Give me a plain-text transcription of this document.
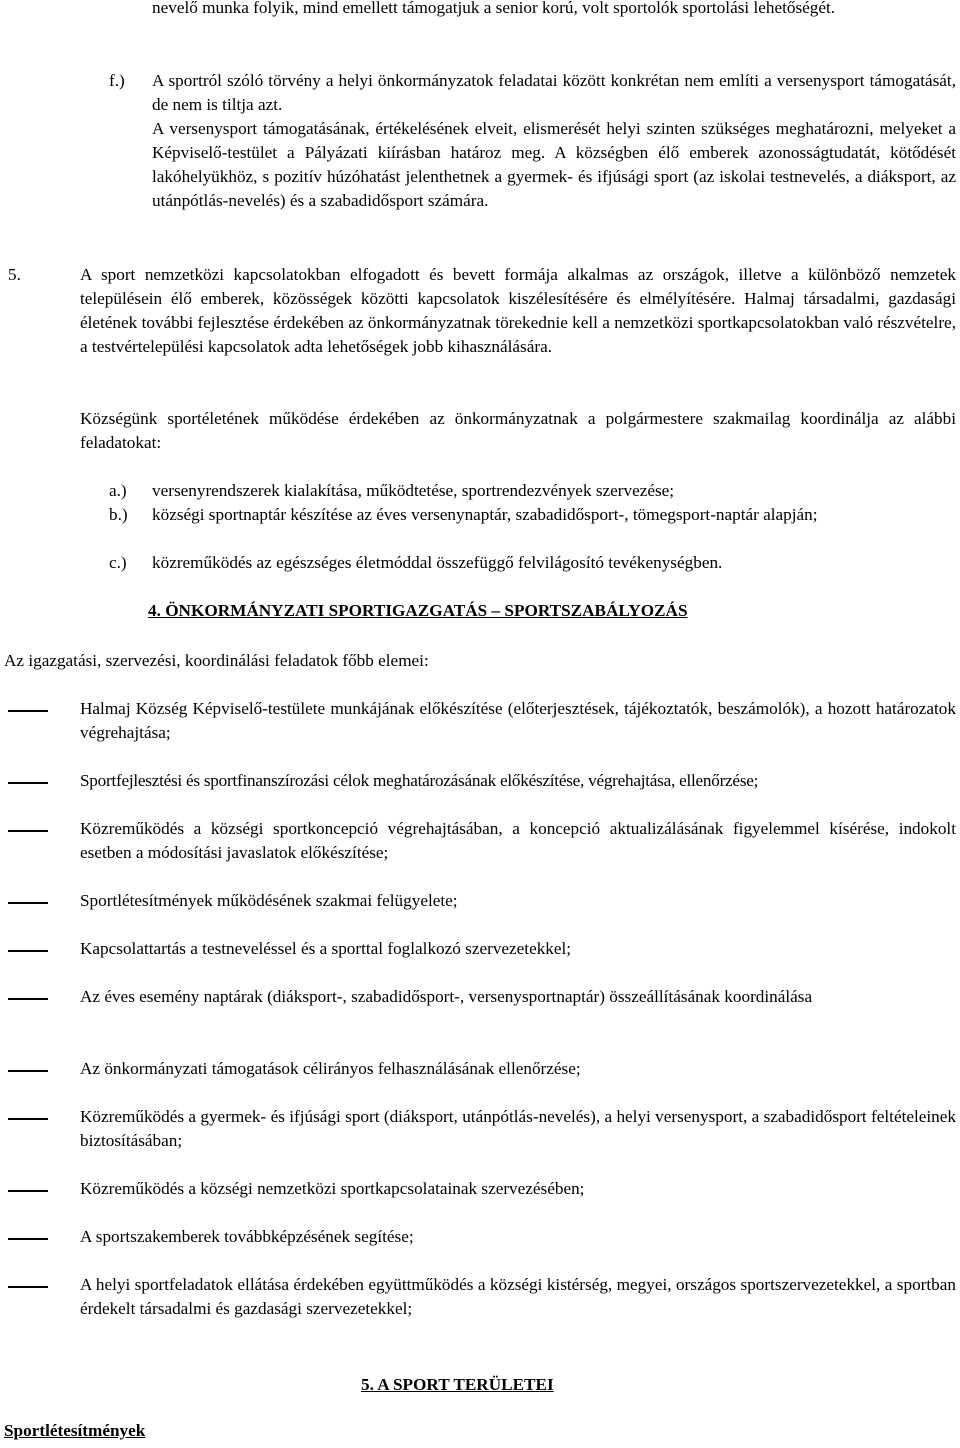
nevelő munka folyik, mind emellett támogatjuk a senior korú, volt sportolók sportolási lehetőségét.

f.) A sportról szóló törvény a helyi önkormányzatok feladatai között konkrétan nem említi a versenysport támogatását, de nem is tiltja azt.

A versenysport támogatásának, értékelésének elveit, elismerését helyi szinten szükséges meghatározni, melyeket a Képviselő-testület a Pályázati kiírásban határoz meg. A községben élő emberek azonosságtudatát, kötődését lakóhelyükhöz, s pozitív húzóhatást jelenthetnek a gyermek- és ifjúsági sport (az iskolai testnevelés, a diáksport, az utánpótlás-nevelés) és a szabadidősport számára.

5.	A sport nemzetközi kapcsolatokban elfogadott és bevett formája alkalmas az országok, illetve a különböző nemzetek településein élő emberek, közösségek közötti kapcsolatok kiszélesítésére és elmélyítésére. Halmaj társadalmi, gazdasági életének további fejlesztése érdekében az önkormányzatnak törekednie kell a nemzetközi sportkapcsolatokban való részvételre, a testvértelepülési kapcsolatok adta lehetőségek jobb kihasználására.

Községünk sportéletének működése érdekében az önkormányzatnak a polgármestere szakmailag koordinálja az alábbi feladatokat:

a.) versenyrendszerek kialakítása, működtetése, sportrendezvények szervezése;

b.) községi sportnaptár készítése az éves versenynaptár, szabadidősport-, tömegsport-naptár alapján;

c.) közreműködés az egészséges életmóddal összefüggő felvilágosító tevékenységben.

4. ÖNKORMÁNYZATI SPORTIGAZGATÁS – SPORTSZABÁLYOZÁS
Az igazgatási, szervezési, koordinálási feladatok főbb elemei:
Halmaj Község Képviselő-testülete munkájának előkészítése (előterjesztések, tájékoztatók, beszámolók), a hozott határozatok végrehajtása;
Sportfejlesztési és sportfinanszírozási célok meghatározásának előkészítése, végrehajtása, ellenőrzése;
Közreműködés a községi sportkoncepció végrehajtásában, a koncepció aktualizálásának figyelemmel kísérése, indokolt esetben a módosítási javaslatok előkészítése;
Sportlétesítmények működésének szakmai felügyelete;
Kapcsolattartás a testneveléssel és a sporttal foglalkozó szervezetekkel;
Az éves esemény naptárak (diáksport-, szabadidősport-, versenysportnaptár) összeállításának koordinálása
Az önkormányzati támogatások célirányos felhasználásának ellenőrzése;
Közreműködés a gyermek- és ifjúsági sport (diáksport, utánpótlás-nevelés), a helyi versenysport, a szabadidősport feltételeinek biztosításában;
Közreműködés a községi nemzetközi sportkapcsolatainak szervezésében;
A sportszakemberek továbbképzésének segítése;
A helyi sportfeladatok ellátása érdekében együttműködés a községi kistérség, megyei, országos sportszervezetekkel, a sportban érdekelt társadalmi és gazdasági szervezetekkel;
5. A SPORT TERÜLETEI
Sportlétesítmények
